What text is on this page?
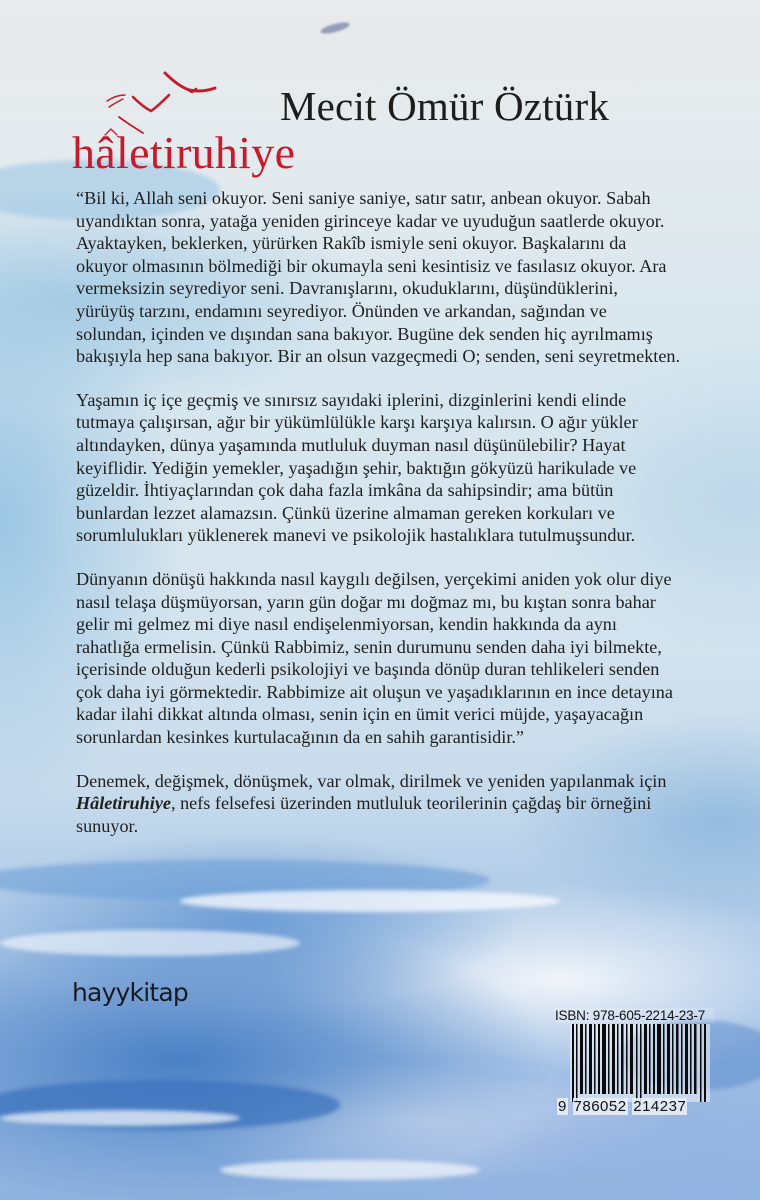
Mecit Ömür Öztürk
hâletiruhiye

“Bil ki, Allah seni okuyor. Seni saniye saniye, satır satır, anbean okuyor. Sabah
uyandıktan sonra, yatağa yeniden girinceye kadar ve uyuduğun saatlerde okuyor.
Ayaktayken, beklerken, yürürken Rakîb ismiyle seni okuyor. Başkalarını da
okuyor olmasının bölmediği bir okumayla seni kesintisiz ve fasılasız okuyor. Ara
vermeksizin seyrediyor seni. Davranışlarını, okuduklarını, düşündüklerini,
yürüyüş tarzını, endamını seyrediyor. Önünden ve arkandan, sağından ve
solundan, içinden ve dışından sana bakıyor. Bugüne dek senden hiç ayrılmamış
bakışıyla hep sana bakıyor. Bir an olsun vazgeçmedi O; senden, seni seyretmekten.

Yaşamın iç içe geçmiş ve sınırsız sayıdaki iplerini, dizginlerini kendi elinde
tutmaya çalışırsan, ağır bir yükümlülükle karşı karşıya kalırsın. O ağır yükler
altındayken, dünya yaşamında mutluluk duyman nasıl düşünülebilir? Hayat
keyiflidir. Yediğin yemekler, yaşadığın şehir, baktığın gökyüzü harikulade ve
güzeldir. İhtiyaçlarından çok daha fazla imkâna da sahipsindir; ama bütün
bunlardan lezzet alamazsın. Çünkü üzerine almaman gereken korkuları ve
sorumlulukları yüklenerek manevi ve psikolojik hastalıklara tutulmuşsundur.

Dünyanın dönüşü hakkında nasıl kaygılı değilsen, yerçekimi aniden yok olur diye
nasıl telaşa düşmüyorsan, yarın gün doğar mı doğmaz mı, bu kıştan sonra bahar
gelir mi gelmez mi diye nasıl endişelenmiyorsan, kendin hakkında da aynı
rahatlığa ermelisin. Çünkü Rabbimiz, senin durumunu senden daha iyi bilmekte,
içerisinde olduğun kederli psikolojiyi ve başında dönüp duran tehlikeleri senden
çok daha iyi görmektedir. Rabbimize ait oluşun ve yaşadıklarının en ince detayına
kadar ilahi dikkat altında olması, senin için en ümit verici müjde, yaşayacağın
sorunlardan kesinkes kurtulacağının da en sahih garantisidir.”

Denemek, değişmek, dönüşmek, var olmak, dirilmek ve yeniden yapılanmak için
Hâletiruhiye, nefs felsefesi üzerinden mutluluk teorilerinin çağdaş bir örneğini
sunuyor.

hayykitap
ISBN: 978-605-2214-23-7
9 786052 214237
